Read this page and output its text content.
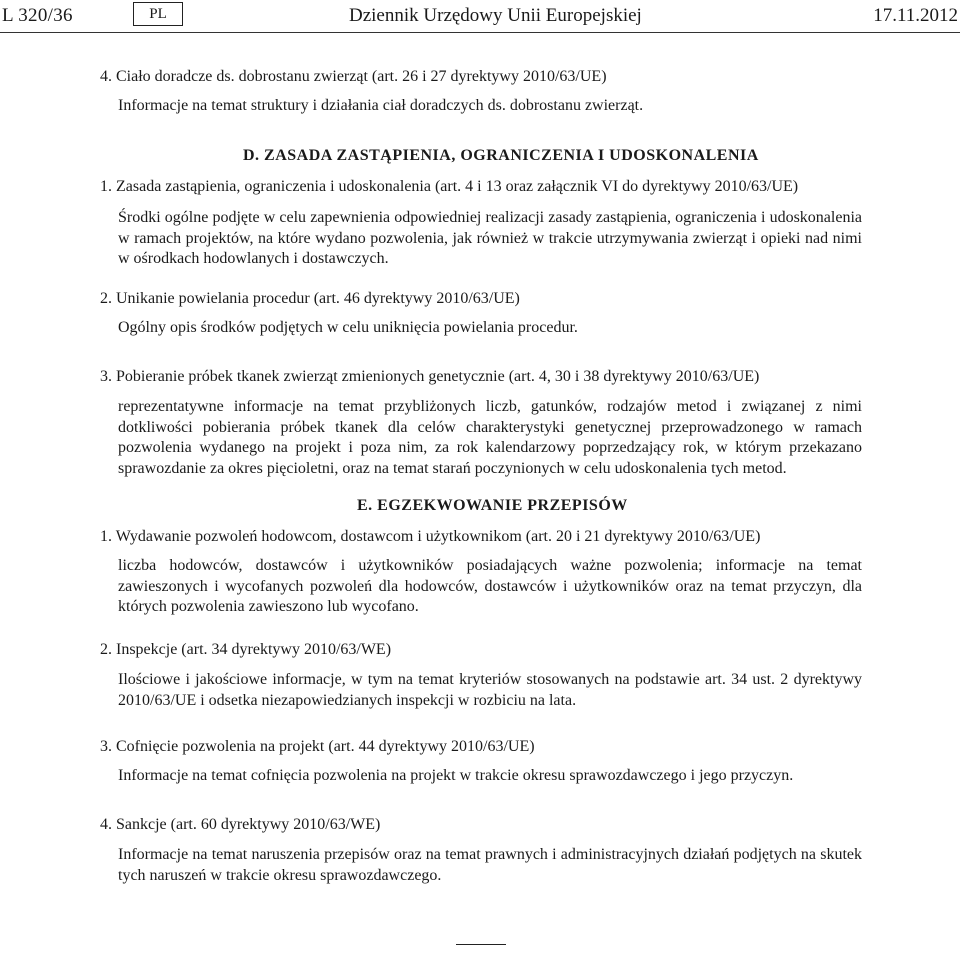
L 320/36	PL	Dziennik Urzędowy Unii Europejskiej	17.11.2012
4. Ciało doradcze ds. dobrostanu zwierząt (art. 26 i 27 dyrektywy 2010/63/UE)
Informacje na temat struktury i działania ciał doradczych ds. dobrostanu zwierząt.
D. ZASADA ZASTĄPIENIA, OGRANICZENIA I UDOSKONALENIA
1. Zasada zastąpienia, ograniczenia i udoskonalenia (art. 4 i 13 oraz załącznik VI do dyrektywy 2010/63/UE)
Środki ogólne podjęte w celu zapewnienia odpowiedniej realizacji zasady zastąpienia, ograniczenia i udoskonalenia w ramach projektów, na które wydano pozwolenia, jak również w trakcie utrzymywania zwierząt i opieki nad nimi w ośrodkach hodowlanych i dostawczych.
2. Unikanie powielania procedur (art. 46 dyrektywy 2010/63/UE)
Ogólny opis środków podjętych w celu uniknięcia powielania procedur.
3. Pobieranie próbek tkanek zwierząt zmienionych genetycznie (art. 4, 30 i 38 dyrektywy 2010/63/UE)
reprezentatywne informacje na temat przybliżonych liczb, gatunków, rodzajów metod i związanej z nimi dotkliwości pobierania próbek tkanek dla celów charakterystyki genetycznej przeprowadzonego w ramach pozwolenia wydanego na projekt i poza nim, za rok kalendarzowy poprzedzający rok, w którym przekazano sprawozdanie za okres pięcioletni, oraz na temat starań poczynionych w celu udoskonalenia tych metod.
E. EGZEKWOWANIE PRZEPISÓW
1. Wydawanie pozwoleń hodowcom, dostawcom i użytkownikom (art. 20 i 21 dyrektywy 2010/63/UE)
liczba hodowców, dostawców i użytkowników posiadających ważne pozwolenia; informacje na temat zawieszonych i wycofanych pozwoleń dla hodowców, dostawców i użytkowników oraz na temat przyczyn, dla których pozwolenia zawieszono lub wycofano.
2. Inspekcje (art. 34 dyrektywy 2010/63/WE)
Ilościowe i jakościowe informacje, w tym na temat kryteriów stosowanych na podstawie art. 34 ust. 2 dyrektywy 2010/63/UE i odsetka niezapowiedzianych inspekcji w rozbiciu na lata.
3. Cofnięcie pozwolenia na projekt (art. 44 dyrektywy 2010/63/UE)
Informacje na temat cofnięcia pozwolenia na projekt w trakcie okresu sprawozdawczego i jego przyczyn.
4. Sankcje (art. 60 dyrektywy 2010/63/WE)
Informacje na temat naruszenia przepisów oraz na temat prawnych i administracyjnych działań podjętych na skutek tych naruszeń w trakcie okresu sprawozdawczego.
